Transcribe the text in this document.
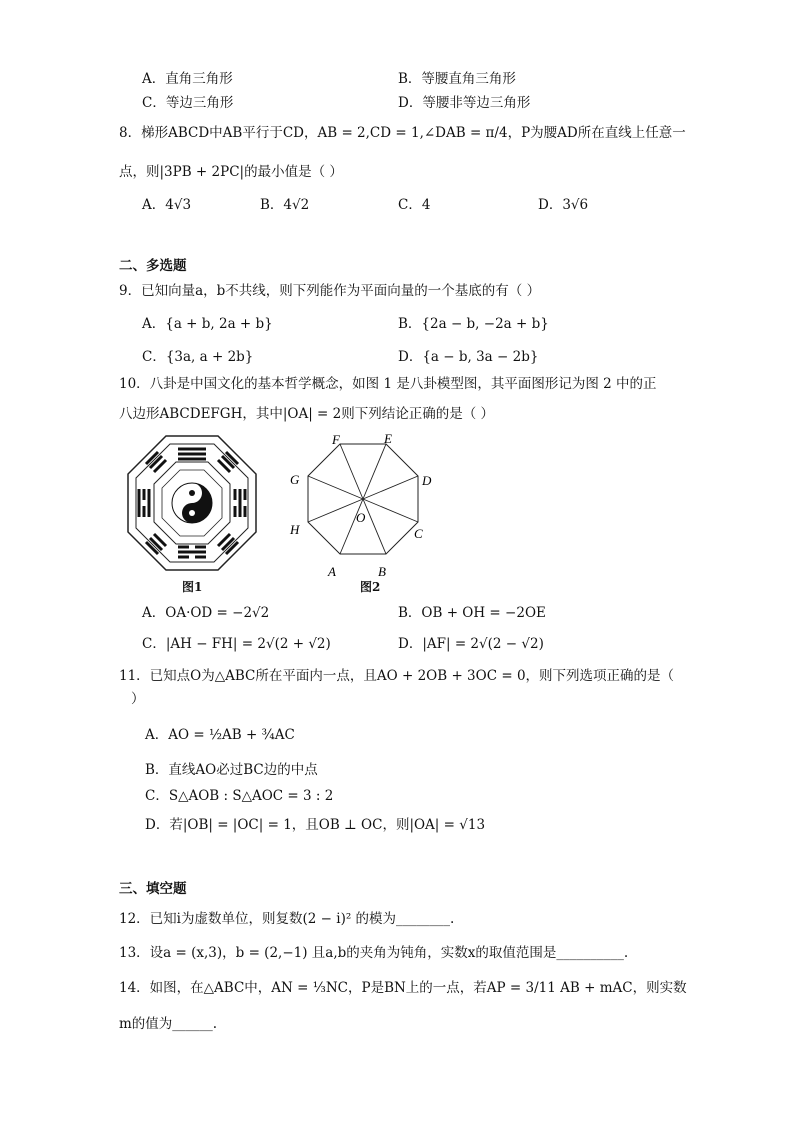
A．直角三角形	B．等腰直角三角形
C．等边三角形	D．等腰非等边三角形
8．梯形ABCD中AB平行于CD，AB = 2,CD = 1,∠DAB = π/4，P为腰AD所在直线上任意一
点，则|3PB + 2PC|的最小值是（ ）
A．4√3	B．4√2	C．4	D．3√6
二、多选题
9．已知向量a，b不共线，则下列能作为平面向量的一个基底的有（ ）
A．{a + b, 2a + b}	B．{2a − b, −2a + b}
C．{3a, a + 2b}	D．{a − b, 3a − 2b}
10．八卦是中国文化的基本哲学概念，如图 1 是八卦模型图，其平面图形记为图 2 中的正
八边形ABCDEFGH，其中|OA| = 2则下列结论正确的是（ ）
图1
F	E
G	D
O
H	C
A	B
图2
A．OA·OD = −2√2	B．OB + OH = −2OE
C．|AH − FH| = 2√(2 + √2)	D．|AF| = 2√(2 − √2)
11．已知点O为△ABC所在平面内一点，且AO + 2OB + 3OC = 0，则下列选项正确的是（
）
A．AO = ½AB + ¾AC
B．直线AO必过BC边的中点
C．S△AOB : S△AOC = 3 : 2
D．若|OB| = |OC| = 1，且OB ⊥ OC，则|OA| = √13
三、填空题
12．已知i为虚数单位，则复数(2 − i)² 的模为________.
13．设a = (x,3)，b = (2,−1) 且a,b的夹角为钝角，实数x的取值范围是__________.
14．如图，在△ABC中，AN = ⅓NC，P是BN上的一点，若AP = 3/11 AB + mAC，则实数
m的值为______.
